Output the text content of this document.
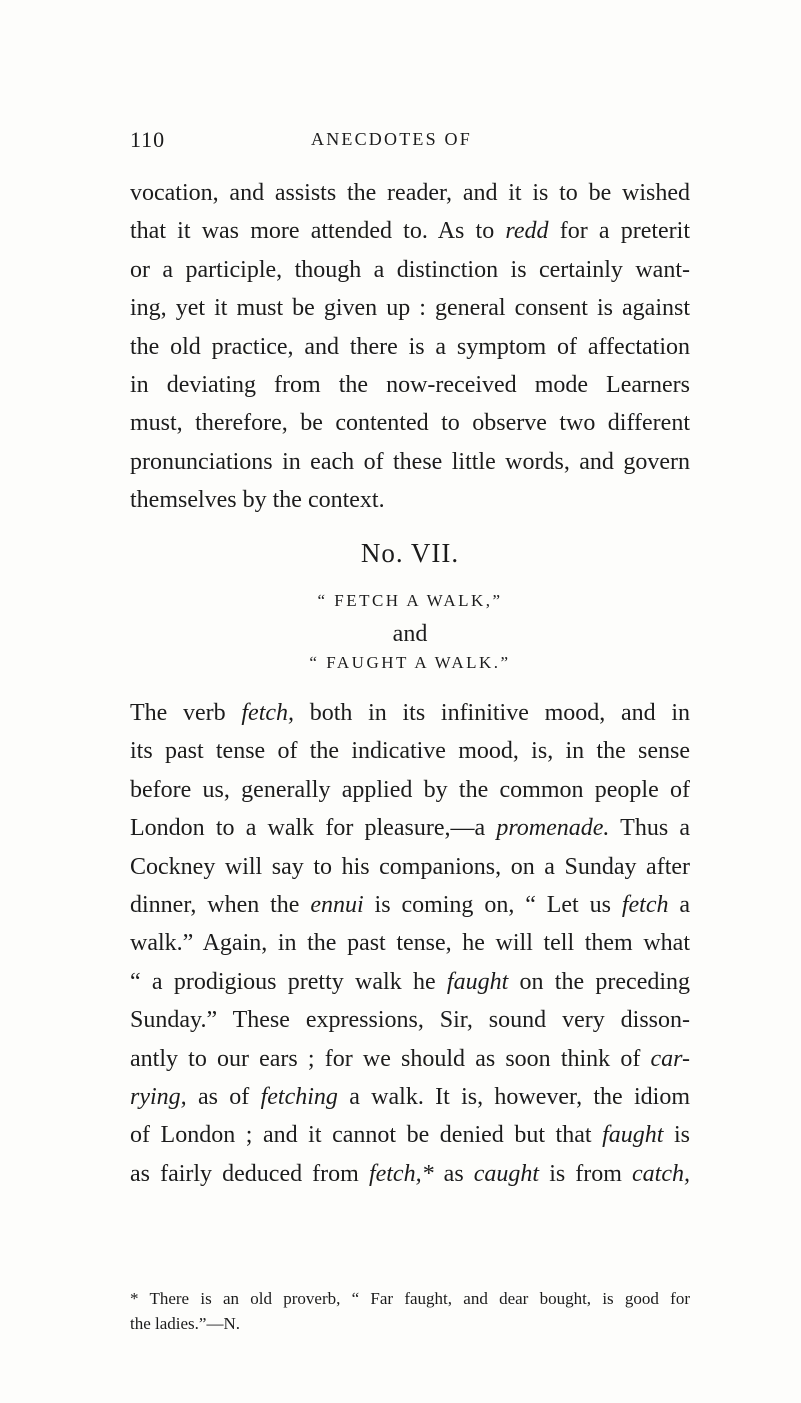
110	ANECDOTES OF
vocation, and assists the reader, and it is to be wished
that it was more attended to. As to redd for a preterit
or a participle, though a distinction is certainly want-
ing, yet it must be given up : general consent is against
the old practice, and there is a symptom of affectation
in deviating from the now-received mode Learners
must, therefore, be contented to observe two different
pronunciations in each of these little words, and govern
themselves by the context.
No. VII.
“ FETCH A WALK,”
and
“ FAUGHT A WALK.”
The verb fetch, both in its infinitive mood, and in
its past tense of the indicative mood, is, in the sense
before us, generally applied by the common people of
London to a walk for pleasure,—a promenade. Thus a
Cockney will say to his companions, on a Sunday after
dinner, when the ennui is coming on, “ Let us fetch a
walk.” Again, in the past tense, he will tell them what
“ a prodigious pretty walk he faught on the preceding
Sunday.” These expressions, Sir, sound very disson-
antly to our ears ; for we should as soon think of car-
rying, as of fetching a walk. It is, however, the idiom
of London ; and it cannot be denied but that faught is
as fairly deduced from fetch,* as caught is from catch,
* There is an old proverb, “ Far faught, and dear bought, is good for
the ladies.”—N.
